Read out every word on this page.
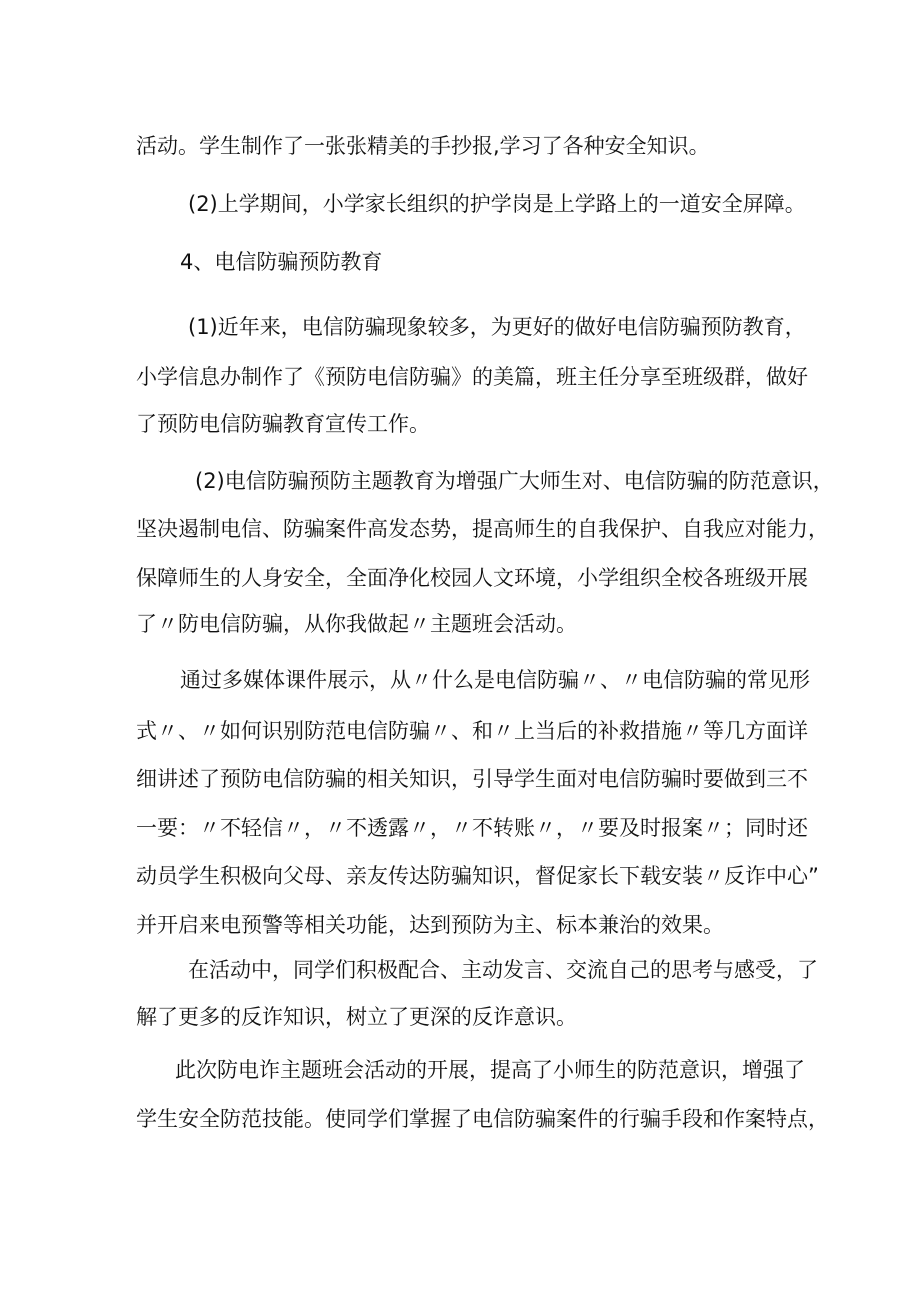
活动。学生制作了一张张精美的手抄报,学习了各种安全知识。
(2)上学期间，小学家长组织的护学岗是上学路上的一道安全屏障。
4、电信防骗预防教育
(1)近年来，电信防骗现象较多，为更好的做好电信防骗预防教育，
小学信息办制作了《预防电信防骗》的美篇，班主任分享至班级群，做好
了预防电信防骗教育宣传工作。
(2)电信防骗预防主题教育为增强广大师生对、电信防骗的防范意识，
坚决遏制电信、防骗案件高发态势，提高师生的自我保护、自我应对能力，
保障师生的人身安全，全面净化校园人文环境，小学组织全校各班级开展
了〃防电信防骗，从你我做起〃主题班会活动。
通过多媒体课件展示，从〃什么是电信防骗〃、〃电信防骗的常见形
式〃、〃如何识别防范电信防骗〃、和〃上当后的补救措施〃等几方面详
细讲述了预防电信防骗的相关知识，引导学生面对电信防骗时要做到三不
一要：〃不轻信〃，〃不透露〃，〃不转账〃，〃要及时报案〃；同时还
动员学生积极向父母、亲友传达防骗知识，督促家长下载安装〃反诈中心”
并开启来电预警等相关功能，达到预防为主、标本兼治的效果。
在活动中，同学们积极配合、主动发言、交流自己的思考与感受，了
解了更多的反诈知识，树立了更深的反诈意识。
此次防电诈主题班会活动的开展，提高了小师生的防范意识，增强了
学生安全防范技能。使同学们掌握了电信防骗案件的行骗手段和作案特点，
